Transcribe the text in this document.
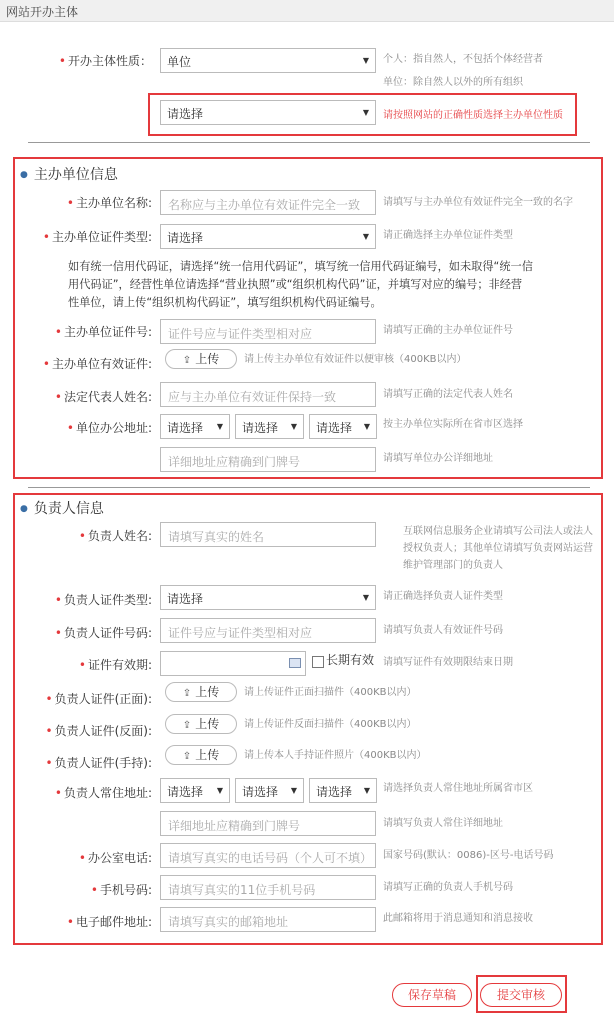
网站开办主体
• 开办主体性质：	单位	▼ 个人：指自然人，不包括个体经营者
单位：除自然人以外的所有组织
请选择	▼ 请按照网站的正确性质选择主办单位性质
● 主办单位信息
• 主办单位名称:	名称应与主办单位有效证件完全一致	请填写与主办单位有效证件完全一致的名字
• 主办单位证件类型:	请选择	▼ 请正确选择主办单位证件类型
如有统一信用代码证，请选择“统一信用代码证”，填写统一信用代码证编号，如未取得“统一信
用代码证”，经营性单位请选择“营业执照”或“组织机构代码”证，并填写对应的编号；非经营
性单位，请上传“组织机构代码证”，填写组织机构代码证编号。
• 主办单位证件号:	证件号应与证件类型相对应	请填写正确的主办单位证件号
• 主办单位有效证件:	⇪ 上传	请上传主办单位有效证件以便审核（400KB以内）
• 法定代表人姓名:	应与主办单位有效证件保持一致	请填写正确的法定代表人姓名
• 单位办公地址:	请选择 ▼	请选择 ▼	请选择 ▼ 按主办单位实际所在省市区选择
详细地址应精确到门牌号	请填写单位办公详细地址
● 负责人信息
• 负责人姓名:	请填写真实的姓名	互联网信息服务企业请填写公司法人或法人
授权负责人；其他单位请填写负责网站运营
维护管理部门的负责人
• 负责人证件类型:	请选择	▼ 请正确选择负责人证件类型
• 负责人证件号码:	证件号应与证件类型相对应	请填写负责人有效证件号码
• 证件有效期:	长期有效 请填写证件有效期限结束日期
• 负责人证件(正面):	⇪ 上传	请上传证件正面扫描件（400KB以内）
• 负责人证件(反面):	⇪ 上传	请上传证件反面扫描件（400KB以内）
• 负责人证件(手持):	⇪ 上传	请上传本人手持证件照片（400KB以内）
• 负责人常住地址:	请选择 ▼	请选择 ▼	请选择 ▼ 请选择负责人常住地址所属省市区
详细地址应精确到门牌号	请填写负责人常住详细地址
• 办公室电话:	请填写真实的电话号码（个人可不填）	国家号码(默认：0086)-区号-电话号码
• 手机号码:	请填写真实的11位手机号码	请填写正确的负责人手机号码
• 电子邮件地址:	请填写真实的邮箱地址	此邮箱将用于消息通知和消息接收
保存草稿	提交审核
